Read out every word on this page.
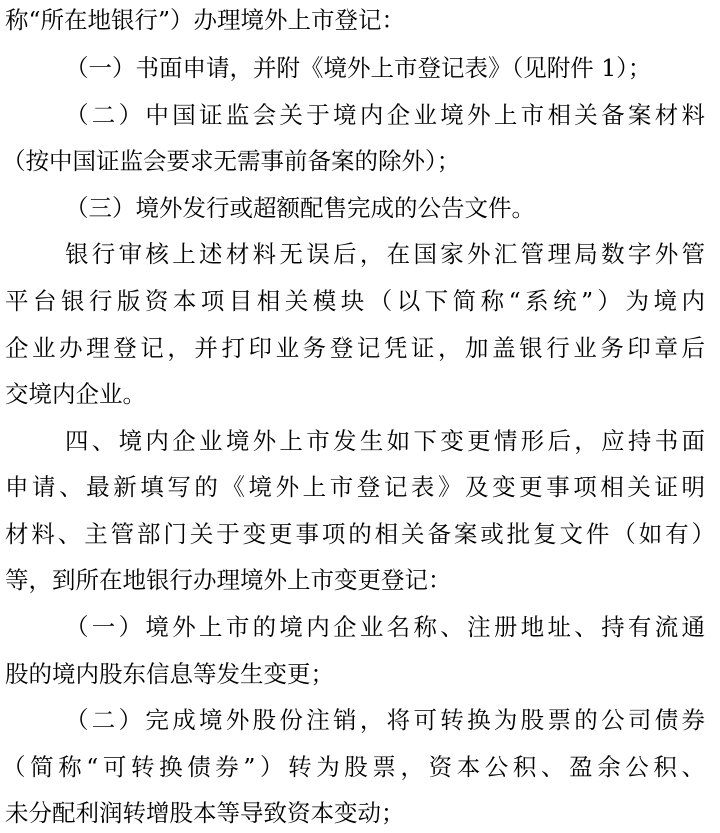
称“所在地银行”）办理境外上市登记：
（一）书面申请，并附《境外上市登记表》（见附件 1）；
（二）中国证监会关于境内企业境外上市相关备案材料
（按中国证监会要求无需事前备案的除外）；
（三）境外发行或超额配售完成的公告文件。
银行审核上述材料无误后，在国家外汇管理局数字外管
平台银行版资本项目相关模块（以下简称“系统”）为境内
企业办理登记，并打印业务登记凭证，加盖银行业务印章后
交境内企业。
四、境内企业境外上市发生如下变更情形后，应持书面
申请、最新填写的《境外上市登记表》及变更事项相关证明
材料、主管部门关于变更事项的相关备案或批复文件（如有）
等，到所在地银行办理境外上市变更登记：
（一）境外上市的境内企业名称、注册地址、持有流通
股的境内股东信息等发生变更；
（二）完成境外股份注销，将可转换为股票的公司债券
（简称“可转换债券”）转为股票，资本公积、盈余公积、
未分配利润转增股本等导致资本变动；
